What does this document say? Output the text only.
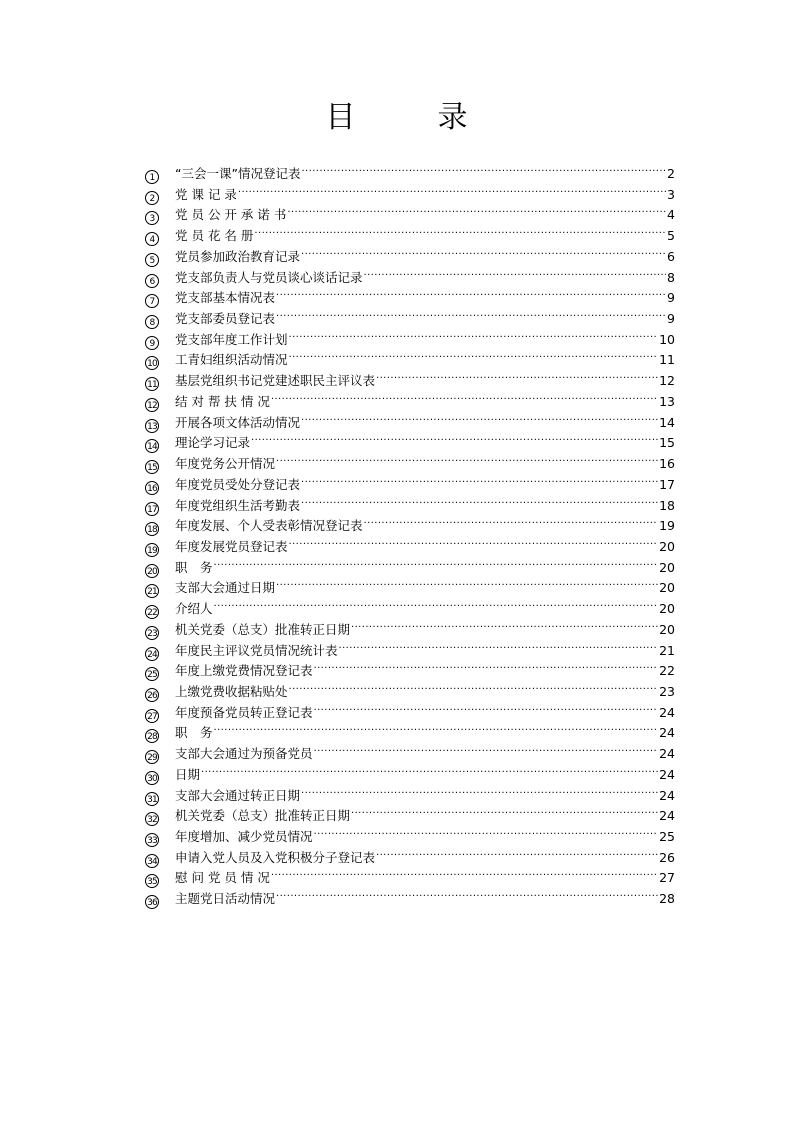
目　录
1	“三会一课”情况登记表 .....	2
2	党 课 记 录 .....	3
3	党 员 公 开 承 诺 书 .....	4
4	党 员 花 名 册 .....	5
5	党员参加政治教育记录 .....	6
6	党支部负责人与党员谈心谈话记录 .....	8
7	党支部基本情况表 .....	9
8	党支部委员登记表 .....	9
9	党支部年度工作计划 .....	10
10 工青妇组织活动情况 .....	11
11 基层党组织书记党建述职民主评议表 .....	12
12 结 对 帮 扶 情 况 .....	13
13 开展各项文体活动情况 .....	14
14 理论学习记录 .....	15
15 年度党务公开情况 .....	16
16 年度党员受处分登记表 .....	17
17 年度党组织生活考勤表 .....	18
18 年度发展、个人受表彰情况登记表 .....	19
19 年度发展党员登记表 .....	20
20 职　务 .....	20
21 支部大会通过日期 .....	20
22 介绍人 .....	20
23 机关党委（总支）批准转正日期 .....	20
24 年度民主评议党员情况统计表 .....	21
25 年度上缴党费情况登记表 .....	22
26 上缴党费收据粘贴处 .....	23
27 年度预备党员转正登记表 .....	24
28 职　务 .....	24
29 支部大会通过为预备党员 .....	24
30 日期 .....	24
31 支部大会通过转正日期 .....	24
32 机关党委（总支）批准转正日期 .....	24
33 年度增加、减少党员情况 .....	25
34 申请入党人员及入党积极分子登记表 .....	26
35 慰 问 党 员 情 况 .....	27
36 主题党日活动情况 .....	28
